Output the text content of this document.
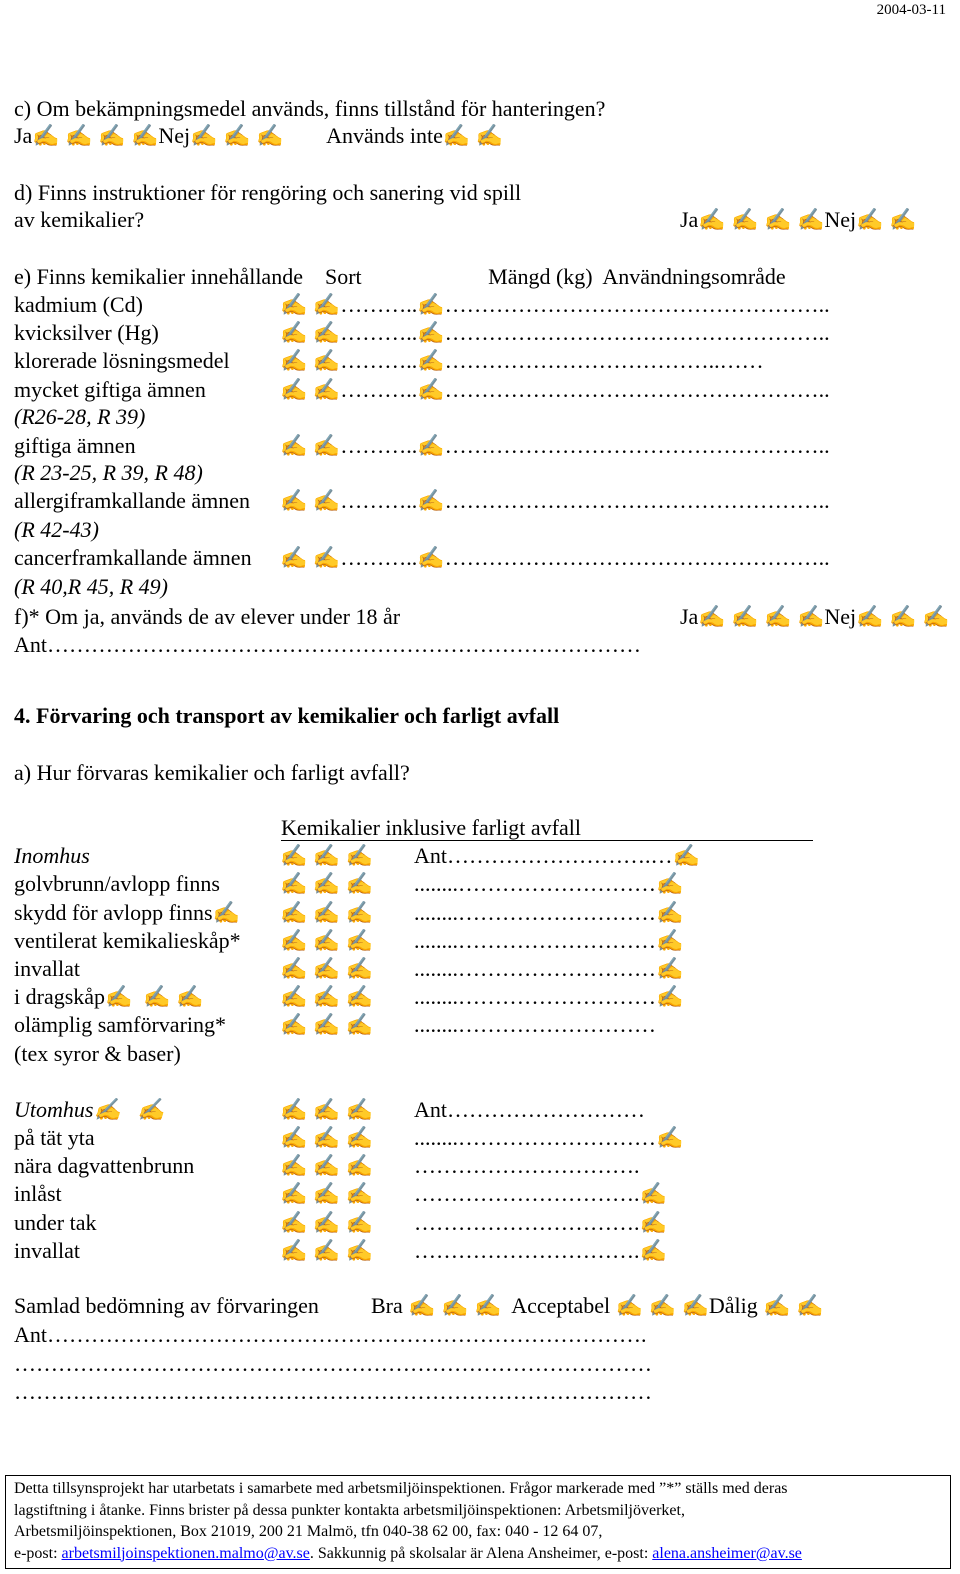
2004-03-11
c) Om bekämpningsmedel används, finns tillstånd för hanteringen?
Ja✍ ✍ ✍ ✍Nej✍ ✍ ✍        Används inte✍ ✍
d) Finns instruktioner för rengöring och sanering vid spill
av kemikalier?	Ja✍ ✍ ✍ ✍Nej✍ ✍
e) Finns kemikalier innehållande    Sort                       Mängd (kg)  Användningsområde
kadmium (Cd)	✍ ✍………..✍……………………………………………..
kvicksilver (Hg)	✍ ✍………..✍……………………………………………..
klorerade lösningsmedel ✍ ✍………..✍………………………………..……
mycket giftiga ämnen	✍ ✍………..✍……………………………………………..
(R26-28, R 39)
giftiga ämnen	✍ ✍………..✍……………………………………………..
(R 23-25, R 39, R 48)
allergiframkallande ämnen ✍ ✍………..✍……………………………………………..
(R 42-43)
cancerframkallande ämnen ✍ ✍………..✍……………………………………………..
(R 40,R 45, R 49)
f)* Om ja, används de av elever under 18 år	Ja✍ ✍ ✍ ✍Nej✍ ✍ ✍
Ant………………………………………………………………………
4. Förvaring och transport av kemikalier och farligt avfall
a) Hur förvaras kemikalier och farligt avfall?
Kemikalier inklusive farligt avfall
Inomhus	✍ ✍ ✍ Ant……………………….…✍
golvbrunn/avlopp finns	✍ ✍ ✍ ........………………………✍
skydd för avlopp finns✍ ✍ ✍ ✍ ........………………………✍
ventilerat kemikalieskåp* ✍ ✍ ✍ ........………………………✍
invallat	✍ ✍ ✍ ........………………………✍
i dragskåp✍  ✍ ✍	✍ ✍ ✍ ........………………………✍
olämplig samförvaring* ✍ ✍ ✍ ........………………………
(tex syror & baser)
Utomhus✍   ✍	✍ ✍ ✍ Ant………………………
på tät yta	✍ ✍ ✍ ........………………………✍
nära dagvattenbrunn	✍ ✍ ✍ ………………………….
inlåst	✍ ✍ ✍ ………………………….✍
under tak	✍ ✍ ✍ ………………………….✍
invallat	✍ ✍ ✍ ………………………….✍
Samlad bedömning av förvaringen Bra ✍ ✍ ✍  Acceptabel ✍ ✍ ✍Dålig ✍ ✍
Ant……………………………………………………………………….
……………………………………………………………………………
……………………………………………………………………………
Detta tillsynsprojekt har utarbetats i samarbete med arbetsmiljöinspektionen. Frågor markerade med ”*” ställs med deras
lagstiftning i åtanke. Finns brister på dessa punkter kontakta arbetsmiljöinspektionen: Arbetsmiljöverket,
Arbetsmiljöinspektionen, Box 21019, 200 21 Malmö, tfn 040-38 62 00, fax: 040 - 12 64 07,
e-post: arbetsmiljoinspektionen.malmo@av.se. Sakkunnig på skolsalar är Alena Ansheimer, e-post: alena.ansheimer@av.se
